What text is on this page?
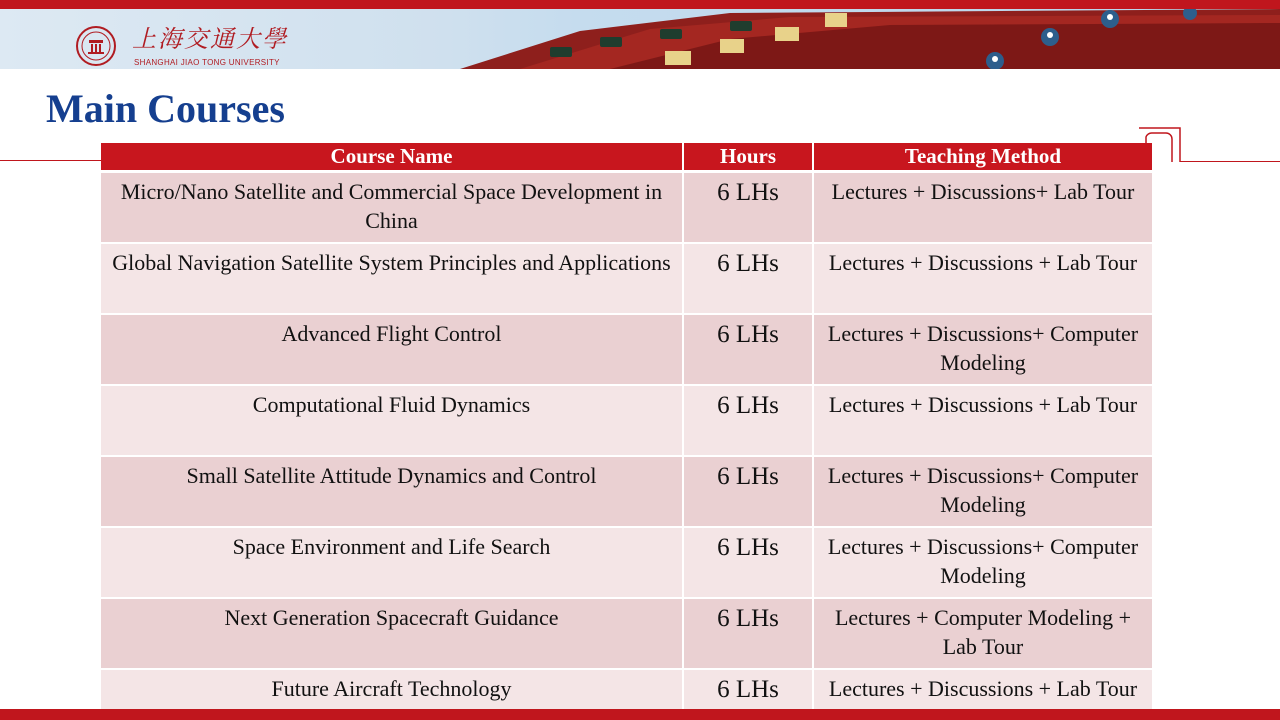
上海交通大學
SHANGHAI JIAO TONG UNIVERSITY
Main Courses
Course Name	Hours	Teaching Method
Micro/Nano Satellite and Commercial Space Development in China	6 LHs	Lectures + Discussions+ Lab Tour
Global Navigation Satellite System Principles and Applications	6 LHs	Lectures + Discussions + Lab Tour
Advanced Flight Control	6 LHs	Lectures + Discussions+ Computer Modeling
Computational Fluid Dynamics	6 LHs	Lectures + Discussions + Lab Tour
Small Satellite Attitude Dynamics and Control	6 LHs	Lectures + Discussions+ Computer Modeling
Space Environment and Life Search	6 LHs	Lectures + Discussions+ Computer Modeling
Next Generation Spacecraft Guidance	6 LHs	Lectures + Computer Modeling + Lab Tour
Future Aircraft Technology	6 LHs	Lectures + Discussions + Lab Tour
